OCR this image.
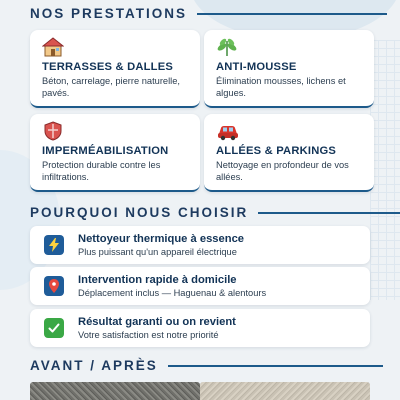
NOS PRESTATIONS
TERRASSES & DALLES
Béton, carrelage, pierre naturelle, pavés.
ANTI-MOUSSE
Élimination mousses, lichens et algues.
IMPERMÉABILISATION
Protection durable contre les infiltrations.
ALLÉES & PARKINGS
Nettoyage en profondeur de vos allées.
POURQUOI NOUS CHOISIR
Nettoyeur thermique à essence
Plus puissant qu'un appareil électrique
Intervention rapide à domicile
Déplacement inclus — Haguenau & alentours
Résultat garanti ou on revient
Votre satisfaction est notre priorité
AVANT / APRÈS
